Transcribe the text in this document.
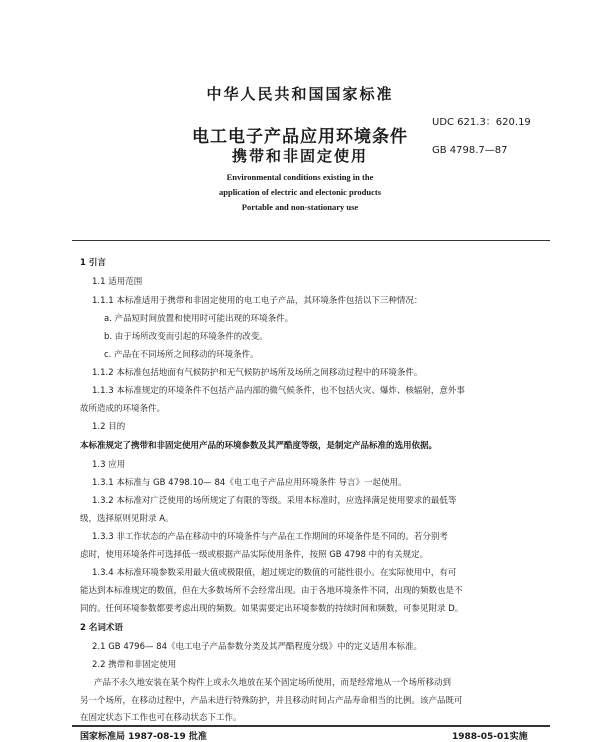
中华人民共和国国家标准
UDC 621.3：620.19
电工电子产品应用环境条件
GB 4798.7—87
携带和非固定使用
Environmental conditions existing in the
application of electric and electonic products
Portable and non-stationary use
1 引言
1.1 适用范围
1.1.1 本标准适用于携带和非固定使用的电工电子产品，其环境条件包括以下三种情况：
a. 产品短时间放置和使用时可能出现的环境条件。
b. 由于场所改变而引起的环境条件的改变。
c. 产品在不同场所之间移动的环境条件。
1.1.2 本标准包括地面有气候防护和无气候防护场所及场所之间移动过程中的环境条件。
1.1.3 本标准规定的环境条件不包括产品内部的微气候条件，也不包括火灾、爆炸、核辐射，意外事
故所造成的环境条件。
1.2 目的
本标准规定了携带和非固定使用产品的环境参数及其严酷度等级，是制定产品标准的选用依据。
1.3 应用
1.3.1 本标准与 GB 4798.10— 84《电工电子产品应用环境条件 导言》一起使用。
1.3.2 本标准对广泛使用的场所规定了有限的等级。采用本标准时，应选择满足使用要求的最低等
级，选择原则见附录 A。
1.3.3 非工作状态的产品在移动中的环境条件与产品在工作期间的环境条件是不同的。若分别考
虑时，使用环境条件可选择低一级或根据产品实际使用条件，按照 GB 4798 中的有关规定。
1.3.4 本标准环境参数采用最大值或极限值，超过规定的数值的可能性很小。在实际使用中，有可
能达到本标准规定的数值，但在大多数场所不会经常出现。由于各地环境条件不同，出现的频数也是不
同的。任何环境参数都要考虑出现的频数。如果需要定出环境参数的持续时间和频数，可参见附录 D。
2 名词术语
2.1 GB 4796— 84《电工电子产品参数分类及其严酷程度分级》中的定义适用本标准。
2.2 携带和非固定使用
产品不永久地安装在某个构件上或永久地放在某个固定场所使用，而是经常地从一个场所移动到
另一个场所，在移动过程中，产品未进行特殊防护，并且移动时间占产品寿命相当的比例。该产品既可
在固定状态下工作也可在移动状态下工作。
国家标准局 1987-08-19 批准	1988-05-01实施
